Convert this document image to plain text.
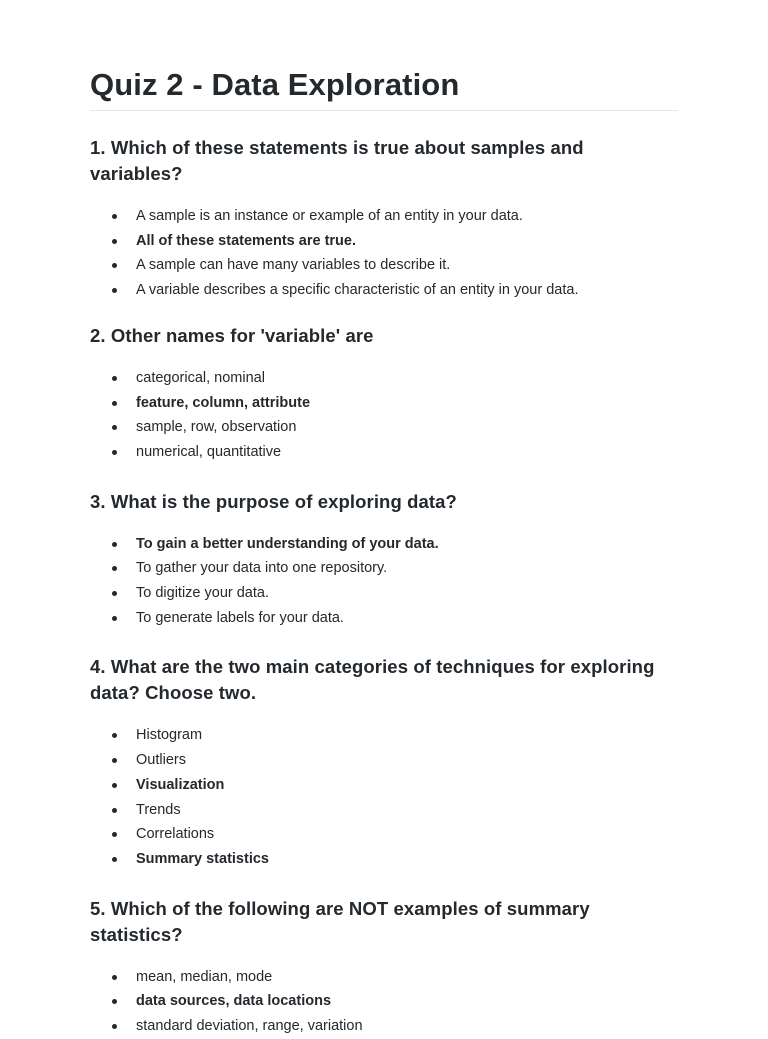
Quiz 2 - Data Exploration
1. Which of these statements is true about samples and variables?
A sample is an instance or example of an entity in your data.
All of these statements are true.
A sample can have many variables to describe it.
A variable describes a specific characteristic of an entity in your data.
2. Other names for 'variable' are
categorical, nominal
feature, column, attribute
sample, row, observation
numerical, quantitative
3. What is the purpose of exploring data?
To gain a better understanding of your data.
To gather your data into one repository.
To digitize your data.
To generate labels for your data.
4. What are the two main categories of techniques for exploring data? Choose two.
Histogram
Outliers
Visualization
Trends
Correlations
Summary statistics
5. Which of the following are NOT examples of summary statistics?
mean, median, mode
data sources, data locations
standard deviation, range, variation
